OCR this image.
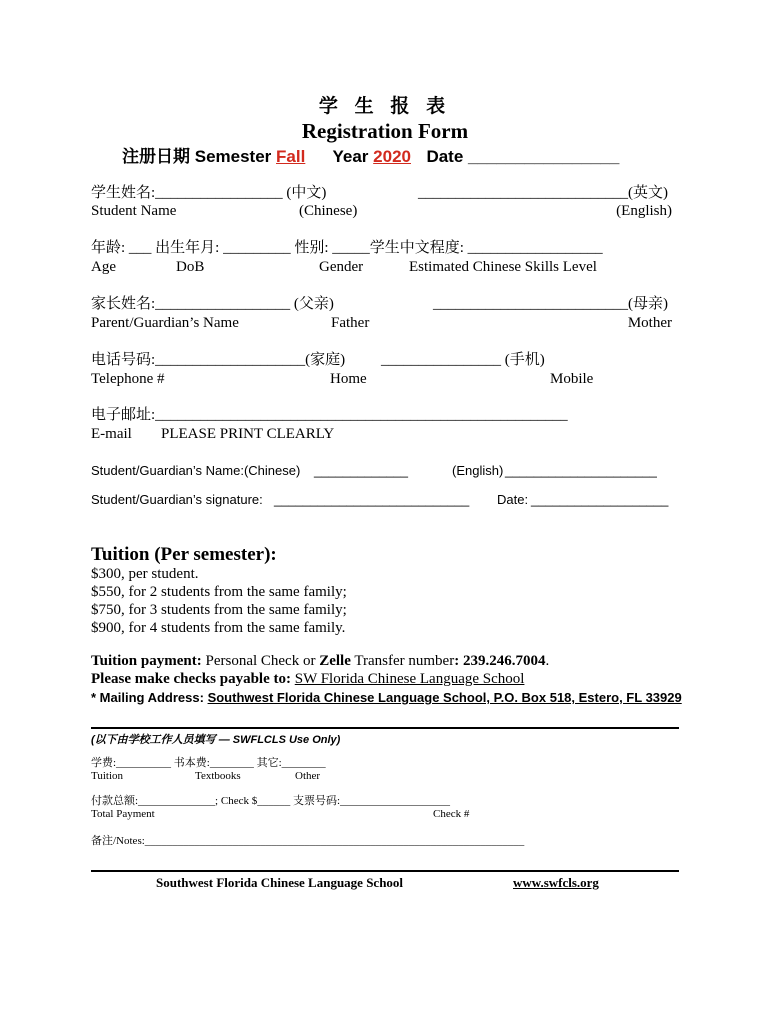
学 生 报 表
Registration Form
注册日期 Semester Fall Year 2020 Date ________________
学生姓名:_________________ (中文)	____________________________(英文)
Student Name	(Chinese)	(English)
年龄: ___ 出生年月: _________ 性别: _____学生中文程度: __________________
Age	DoB	Gender	Estimated Chinese Skills Level
家长姓名:__________________ (父亲)	__________________________(母亲)
Parent/Guardian’s Name	Father	Mother
电话号码:____________________(家庭) ________________ (手机)
Telephone #	Home	Mobile
电子邮址:_______________________________________________________
E-mail PLEASE PRINT CLEARLY
Student/Guardian’s Name:(Chinese) _____________	(English) _____________________
Student/Guardian’s signature: ___________________________ Date: ___________________
Tuition (Per semester):
$300, per student.
$550, for 2 students from the same family;
$750, for 3 students from the same family;
$900, for 4 students from the same family.
Tuition payment: Personal Check or Zelle Transfer number: 239.246.7004.
Please make checks payable to: SW Florida Chinese Language School
* Mailing Address: Southwest Florida Chinese Language School, P.O. Box 518, Estero, FL 33929
(以下由学校工作人员填写 — SWFLCLS Use Only)
学费:__________ 书本费:________ 其它:________
Tuition	Textbooks	Other
付款总额:______________; Check $______ 支票号码:____________________
Total Payment	Check #
备注/Notes:_____________________________________________________________________
Southwest Florida Chinese Language School	www.swfcls.org
